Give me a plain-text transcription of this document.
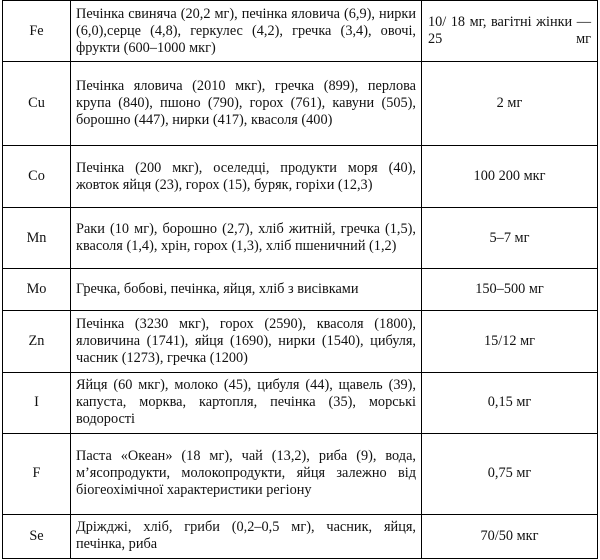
Fe	Печінка свиняча (20,2 мг), печінка яловича (6,9), нирки (6,0),серце (4,8), геркулес (4,2), гречка (3,4), овочі, фрукти (600–1000 мкг)	10/ 18 мг, вагітні жінки — 25 мг
Cu	Печінка яловича (2010 мкг), гречка (899), перлова крупа (840), пшоно (790), горох (761), кавуни (505), борошно (447), нирки (417), квасоля (400)	2 мг
Co	Печінка (200 мкг), оселедці, продукти моря (40), жовток яйця (23), горох (15), буряк, горіхи (12,3)	100 200 мкг
Mn	Раки (10 мг), борошно (2,7), хліб житній, гречка (1,5), квасоля (1,4), хрін, горох (1,3), хліб пшеничний (1,2)	5–7 мг
Mo	Гречка, бобові, печінка, яйця, хліб з висівками	150–500 мг
Zn	Печінка (3230 мкг), горох (2590), квасоля (1800), яловичина (1741), яйця (1690), нирки (1540), цибуля, часник (1273), гречка (1200)	15/12 мг
I	Яйця (60 мкг), молоко (45), цибуля (44), щавель (39), капуста, морква, картопля, печінка (35), морські водорості	0,15 мг
F	Паста «Океан» (18 мг), чай (13,2), риба (9), вода, м’ясопродукти, молокопродукти, яйця залежно від біогеохімічної характеристики регіону	0,75 мг
Se	Дріжджі, хліб, гриби (0,2–0,5 мг), часник, яйця, печінка, риба	70/50 мкг
